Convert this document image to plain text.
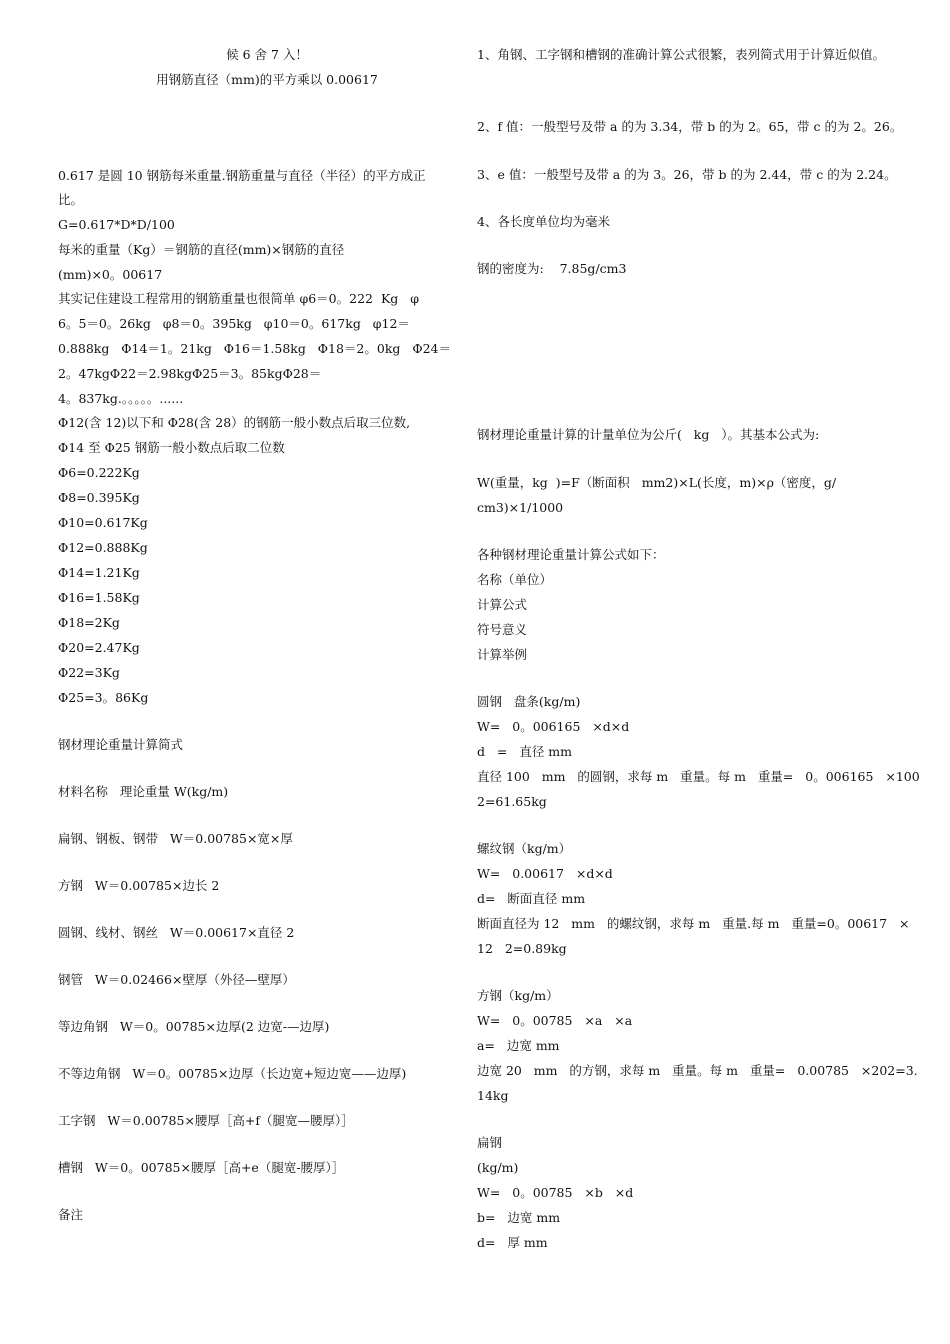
候 6 舍 7 入！
用钢筋直径（mm)的平方乘以 0.00617
0.617 是圆 10 钢筋每米重量.钢筋重量与直径（半径）的平方成正
比。
G=0.617*D*D/100
每米的重量（Kg）＝钢筋的直径(mm)×钢筋的直径
(mm)×0。00617
其实记住建设工程常用的钢筋重量也很简单 φ6＝0。222  Kg   φ
6。5＝0。26kg   φ8＝0。395kg   φ10＝0。617kg   φ12＝
0.888kg   Φ14＝1。21kg   Φ16＝1.58kg   Φ18＝2。0kg   Φ24＝
2。47kgΦ22＝2.98kgΦ25＝3。85kgΦ28＝
4。837kg.。。。。。......
Φ12(含 12)以下和 Φ28(含 28）的钢筋一般小数点后取三位数,
Φ14 至 Φ25 钢筋一般小数点后取二位数
Φ6=0.222Kg
Φ8=0.395Kg
Φ10=0.617Kg
Φ12=0.888Kg
Φ14=1.21Kg
Φ16=1.58Kg
Φ18=2Kg
Φ20=2.47Kg
Φ22=3Kg
Φ25=3。86Kg
钢材理论重量计算简式
材料名称   理论重量 W(kg/m)
扁钢、钢板、钢带   W＝0.00785×宽×厚
方钢   W＝0.00785×边长 2
圆钢、线材、钢丝   W＝0.00617×直径 2
钢管   W＝0.02466×壁厚（外径—壁厚）
等边角钢   W＝0。00785×边厚(2 边宽-—边厚)
不等边角钢   W＝0。00785×边厚（长边宽+短边宽——边厚)
工字钢   W＝0.00785×腰厚［高+f（腿宽—腰厚）］
槽钢   W＝0。00785×腰厚［高+e（腿宽-腰厚）］
备注
1、角钢、工字钢和槽钢的准确计算公式很繁，表列简式用于计算近似值。
2、f 值：一般型号及带 a 的为 3.34，带 b 的为 2。65，带 c 的为 2。26。
3、e 值：一般型号及带 a 的为 3。26，带 b 的为 2.44，带 c 的为 2.24。
4、各长度单位均为毫米
钢的密度为:    7.85g/cm3
钢材理论重量计算的计量单位为公斤(   kg   ）。其基本公式为:
W(重量，kg  )=F（断面积   mm2)×L(长度，m)×ρ（密度，g/
cm3)×1/1000
各种钢材理论重量计算公式如下：
名称（单位）
计算公式
符号意义
计算举例
圆钢   盘条(kg/m)
W=   0。006165   ×d×d
d   =   直径 mm
直径 100   mm   的圆钢，求每 m   重量。每 m   重量=   0。006165   ×100
2=61.65kg
螺纹钢（kg/m）
W=   0.00617   ×d×d
d=   断面直径 mm
断面直径为 12   mm   的螺纹钢，求每 m   重量.每 m   重量=0。00617   ×
12   2=0.89kg
方钢（kg/m）
W=   0。00785   ×a   ×a
a=   边宽 mm
边宽 20   mm   的方钢，求每 m   重量。每 m   重量=   0.00785   ×202=3.
14kg
扁钢
(kg/m)
W=   0。00785   ×b   ×d
b=   边宽 mm
d=   厚 mm
